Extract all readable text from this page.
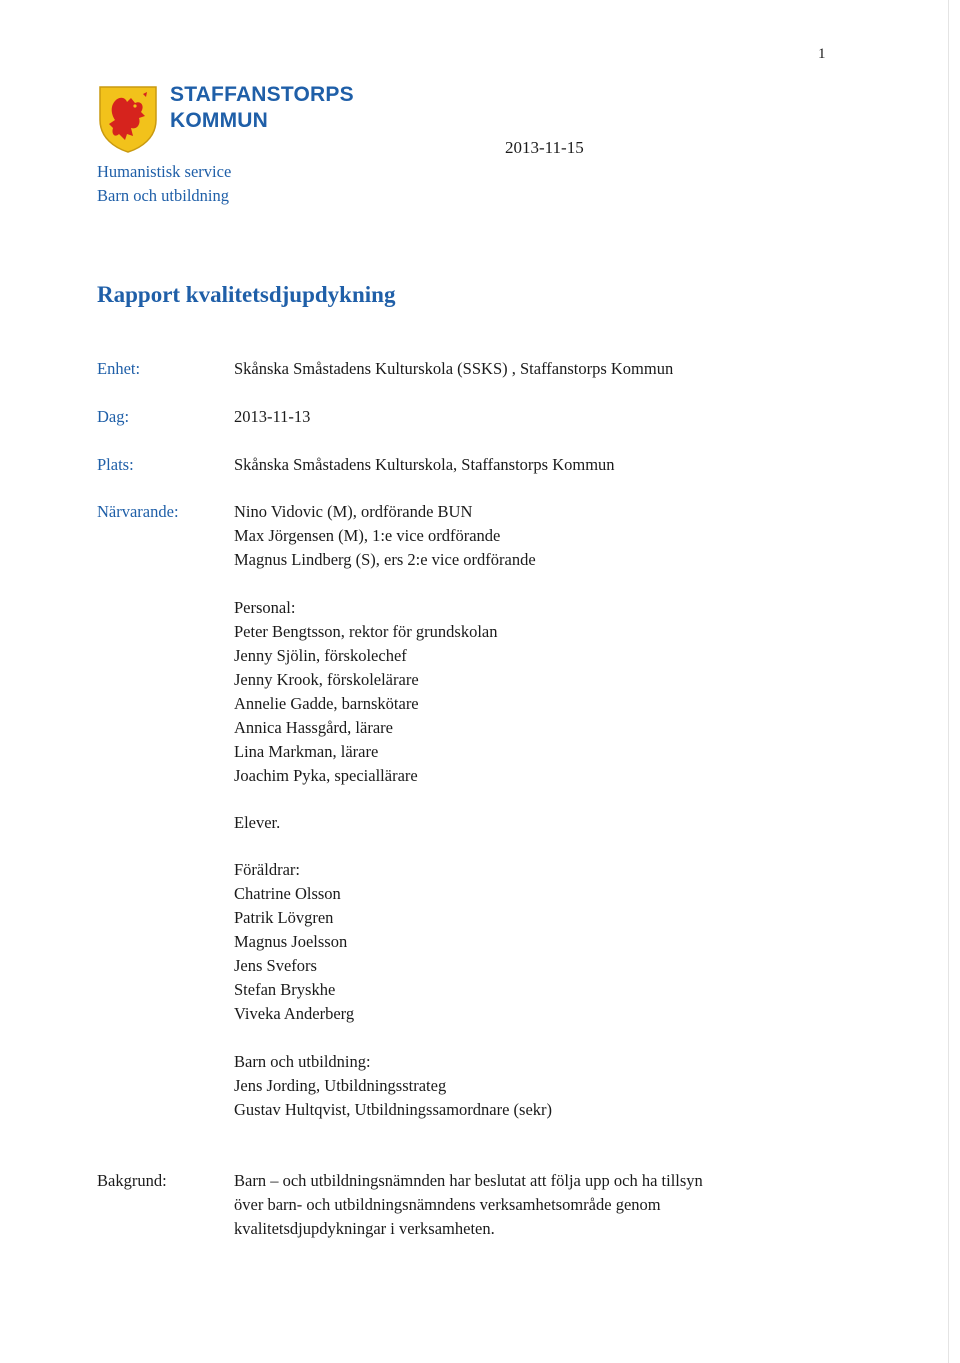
1
STAFFANSTORPS
KOMMUN
Humanistisk service
Barn och utbildning
2013-11-15
Rapport kvalitetsdjupdykning
Enhet:	Skånska Småstadens Kulturskola (SSKS) , Staffanstorps Kommun
Dag:	2013-11-13
Plats:	Skånska Småstadens Kulturskola, Staffanstorps Kommun
Närvarande:	Nino Vidovic (M), ordförande BUN
Max Jörgensen (M), 1:e vice ordförande
Magnus Lindberg (S), ers 2:e vice ordförande
Personal:
Peter Bengtsson, rektor för grundskolan
Jenny Sjölin, förskolechef
Jenny Krook, förskolelärare
Annelie Gadde, barnskötare
Annica Hassgård, lärare
Lina Markman, lärare
Joachim Pyka, speciallärare
Elever.
Föräldrar:
Chatrine Olsson
Patrik Lövgren
Magnus Joelsson
Jens Svefors
Stefan Bryskhe
Viveka Anderberg
Barn och utbildning:
Jens Jording, Utbildningsstrateg
Gustav Hultqvist, Utbildningssamordnare (sekr)
Bakgrund:	Barn – och utbildningsnämnden har beslutat att följa upp och ha tillsyn
över barn- och utbildningsnämndens verksamhetsområde genom
kvalitetsdjupdykningar i verksamheten.
